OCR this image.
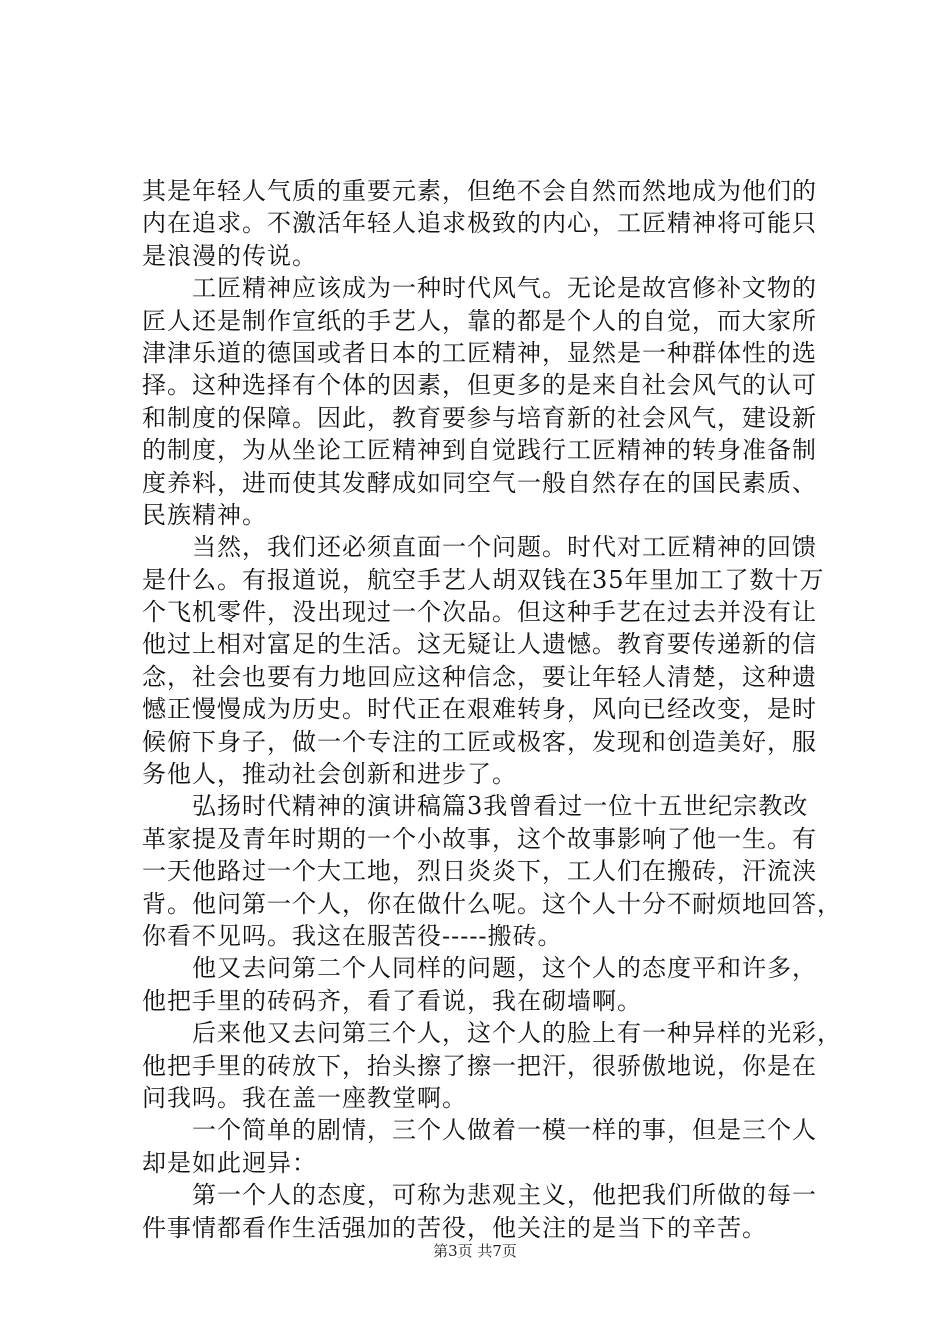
其是年轻人气质的重要元素，但绝不会自然而然地成为他们的
内在追求。不激活年轻人追求极致的内心，工匠精神将可能只
是浪漫的传说。
　　工匠精神应该成为一种时代风气。无论是故宫修补文物的
匠人还是制作宣纸的手艺人，靠的都是个人的自觉，而大家所
津津乐道的德国或者日本的工匠精神，显然是一种群体性的选
择。这种选择有个体的因素，但更多的是来自社会风气的认可
和制度的保障。因此，教育要参与培育新的社会风气，建设新
的制度，为从坐论工匠精神到自觉践行工匠精神的转身准备制
度养料，进而使其发酵成如同空气一般自然存在的国民素质、
民族精神。
　　当然，我们还必须直面一个问题。时代对工匠精神的回馈
是什么。有报道说，航空手艺人胡双钱在35年里加工了数十万
个飞机零件，没出现过一个次品。但这种手艺在过去并没有让
他过上相对富足的生活。这无疑让人遗憾。教育要传递新的信
念，社会也要有力地回应这种信念，要让年轻人清楚，这种遗
憾正慢慢成为历史。时代正在艰难转身，风向已经改变，是时
候俯下身子，做一个专注的工匠或极客，发现和创造美好，服
务他人，推动社会创新和进步了。
　　弘扬时代精神的演讲稿篇3我曾看过一位十五世纪宗教改
革家提及青年时期的一个小故事，这个故事影响了他一生。有
一天他路过一个大工地，烈日炎炎下，工人们在搬砖，汗流浃
背。他问第一个人，你在做什么呢。这个人十分不耐烦地回答，
你看不见吗。我这在服苦役-----搬砖。
　　他又去问第二个人同样的问题，这个人的态度平和许多，
他把手里的砖码齐，看了看说，我在砌墙啊。
　　后来他又去问第三个人，这个人的脸上有一种异样的光彩，
他把手里的砖放下，抬头擦了擦一把汗，很骄傲地说，你是在
问我吗。我在盖一座教堂啊。
　　一个简单的剧情，三个人做着一模一样的事，但是三个人
却是如此迥异：
　　第一个人的态度，可称为悲观主义，他把我们所做的每一
件事情都看作生活强加的苦役，他关注的是当下的辛苦。
第3页 共7页
